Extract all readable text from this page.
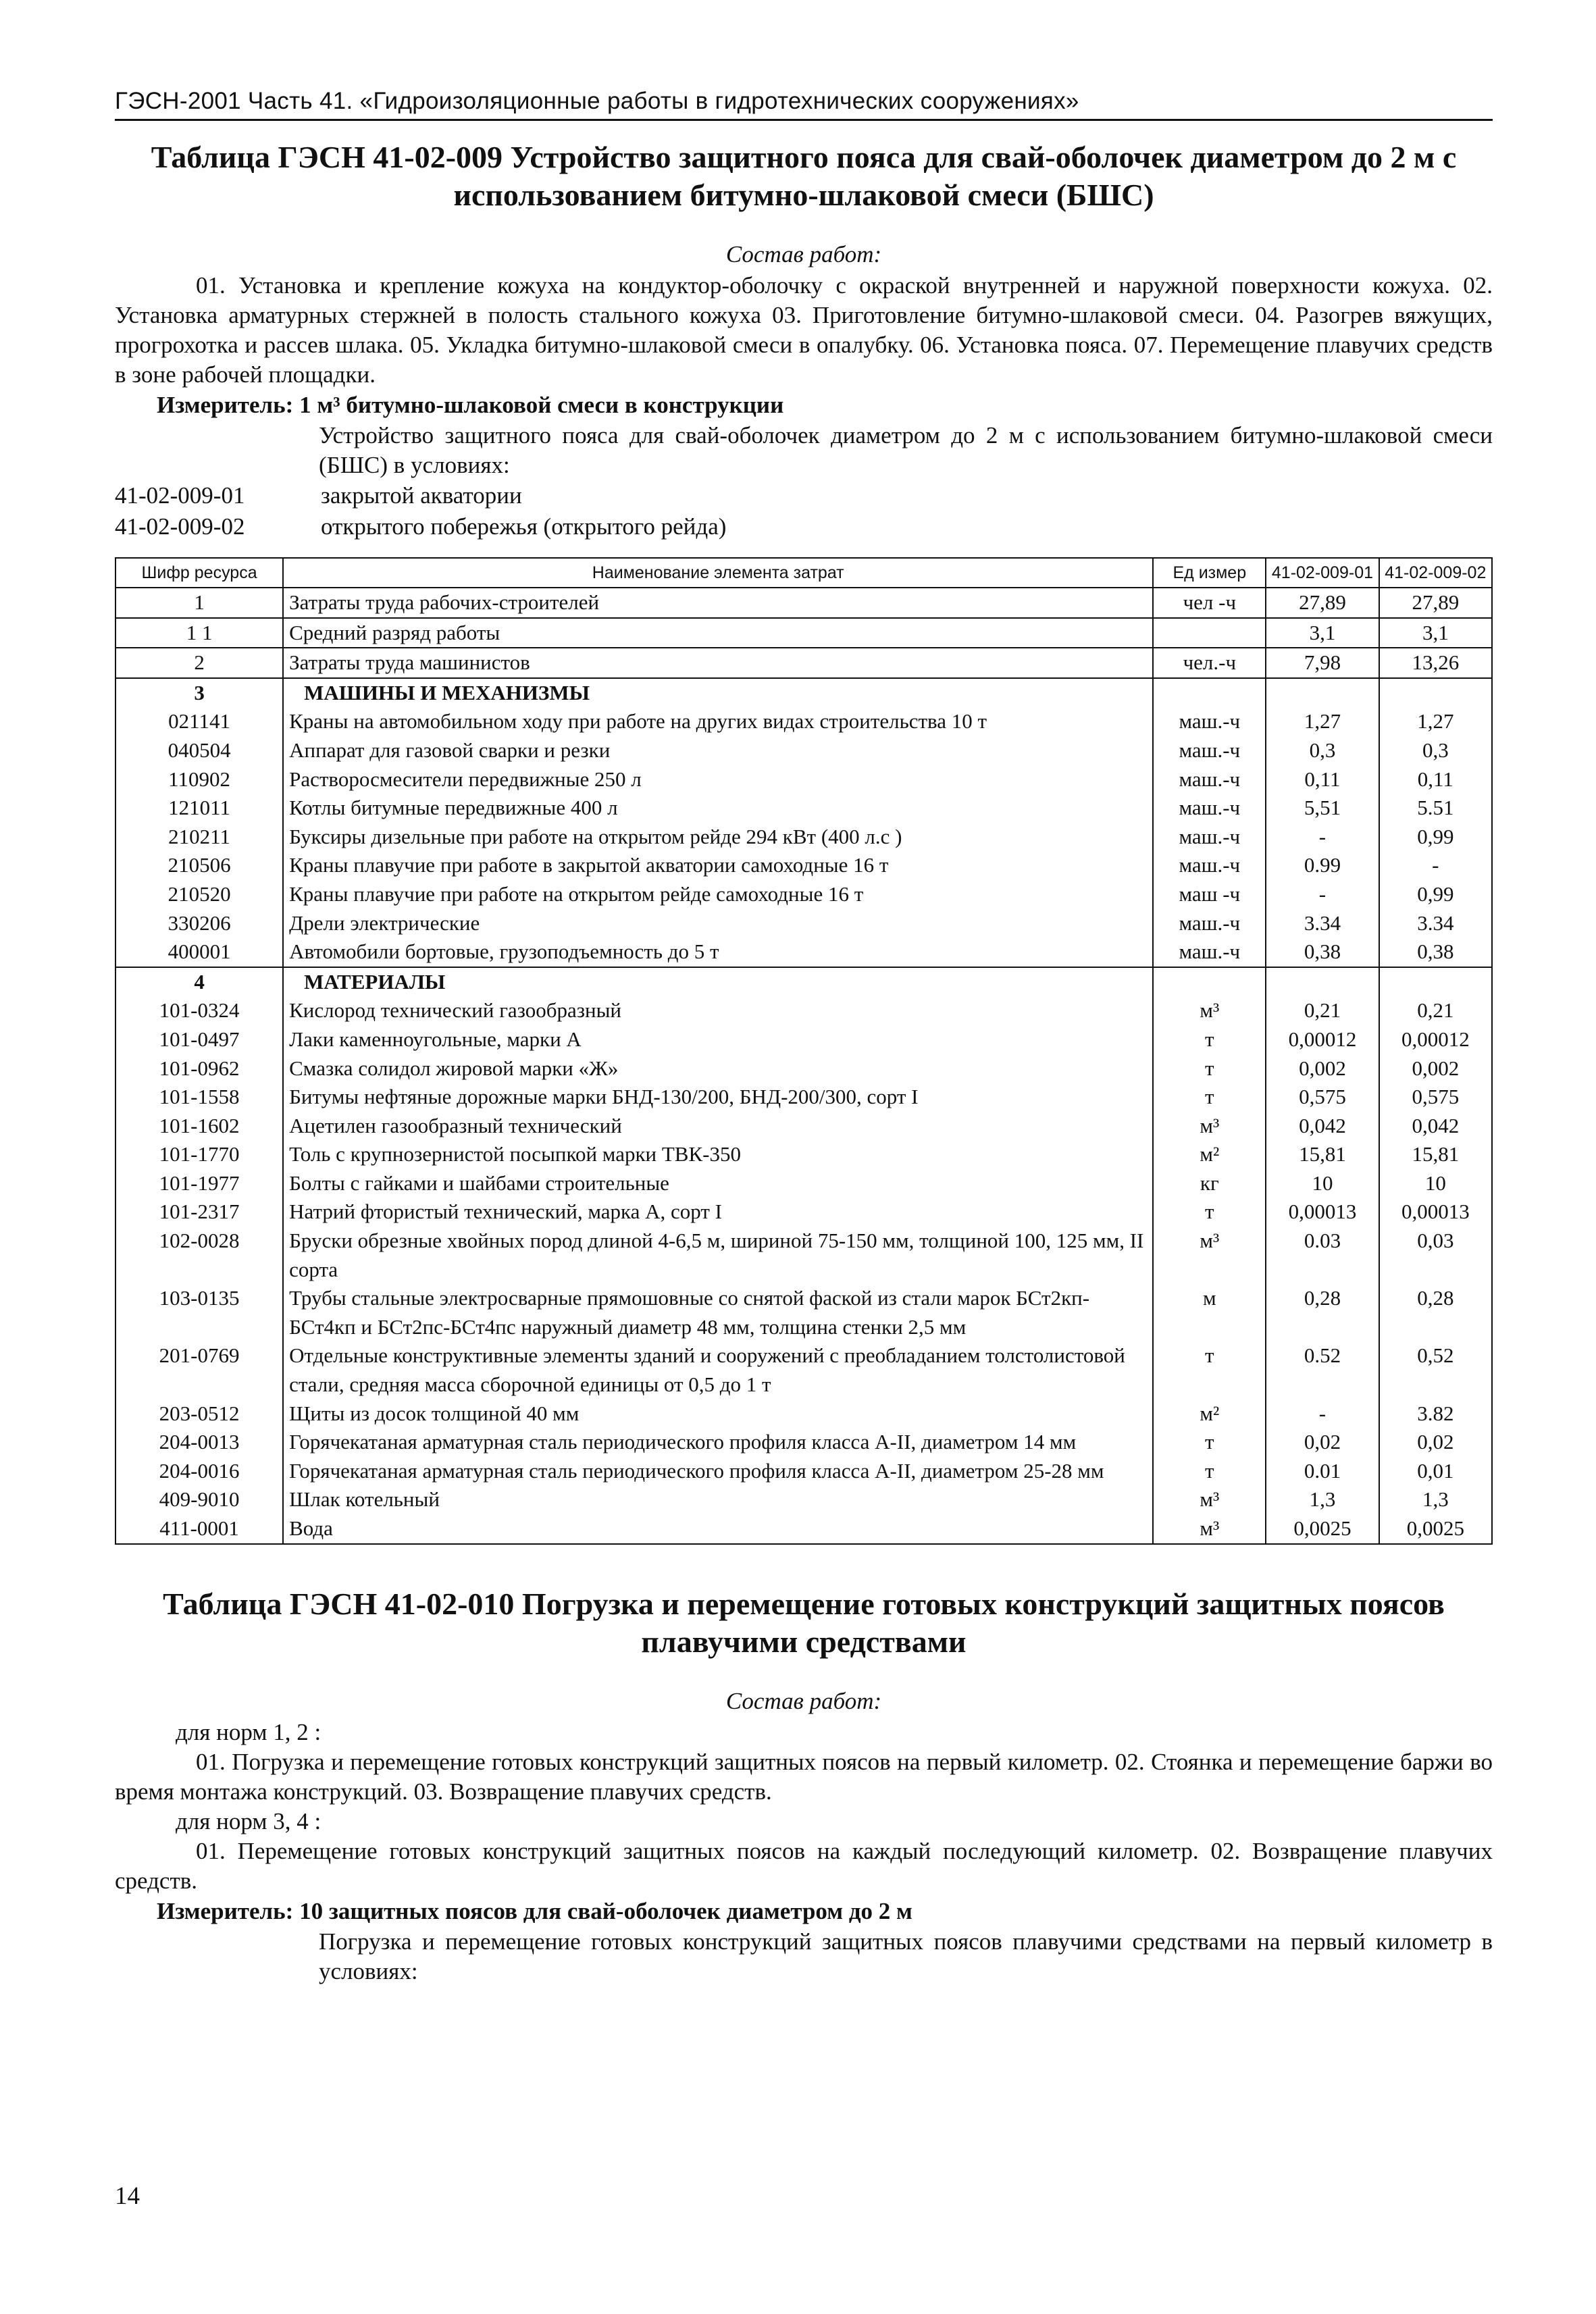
ГЭСН-2001 Часть 41. «Гидроизоляционные работы в гидротехнических сооружениях»
Таблица ГЭСН 41-02-009 Устройство защитного пояса для свай-оболочек диаметром до 2 м с использованием битумно-шлаковой смеси (БШС)
Состав работ:
01. Установка и крепление кожуха на кондуктор-оболочку с окраской внутренней и наружной поверхности кожуха. 02. Установка арматурных стержней в полость стального кожуха 03. Приготовление битумно-шлаковой смеси. 04. Разогрев вяжущих, прогрохотка и рассев шлака. 05. Укладка битумно-шлаковой смеси в опалубку. 06. Установка пояса. 07. Перемещение плавучих средств в зоне рабочей площадки.
Измеритель: 1 м³ битумно-шлаковой смеси в конструкции
Устройство защитного пояса для свай-оболочек диаметром до 2 м с использованием битумно-шлаковой смеси (БШС) в условиях:
41-02-009-01	закрытой акватории
41-02-009-02	открытого побережья (открытого рейда)
Шифр ресурса	Наименование элемента затрат	Ед измер	41-02-009-01	41-02-009-02
1	Затраты труда рабочих-строителей	чел -ч	27,89	27,89
1 1	Средний разряд работы		3,1	3,1
2	Затраты труда машинистов	чел.-ч	7,98	13,26
3	МАШИНЫ И МЕХАНИЗМЫ			
021141	Краны на автомобильном ходу при работе на других видах строительства 10 т	маш.-ч	1,27	1,27
040504	Аппарат для газовой сварки и резки	маш.-ч	0,3	0,3
110902	Растворосмесители передвижные 250 л	маш.-ч	0,11	0,11
121011	Котлы битумные передвижные 400 л	маш.-ч	5,51	5.51
210211	Буксиры дизельные при работе на открытом рейде 294 кВт (400 л.с )	маш.-ч	-	0,99
210506	Краны плавучие при работе в закрытой акватории самоходные 16 т	маш.-ч	0.99	-
210520	Краны плавучие при работе на открытом рейде самоходные 16 т	маш -ч	-	0,99
330206	Дрели электрические	маш.-ч	3.34	3.34
400001	Автомобили бортовые, грузоподъемность до 5 т	маш.-ч	0,38	0,38
4	МАТЕРИАЛЫ			
101-0324	Кислород технический газообразный	м³	0,21	0,21
101-0497	Лаки каменноугольные, марки А	т	0,00012	0,00012
101-0962	Смазка солидол жировой марки «Ж»	т	0,002	0,002
101-1558	Битумы нефтяные дорожные марки БНД-130/200, БНД-200/300, сорт I	т	0,575	0,575
101-1602	Ацетилен газообразный технический	м³	0,042	0,042
101-1770	Толь с крупнозернистой посыпкой марки ТВК-350	м²	15,81	15,81
101-1977	Болты с гайками и шайбами строительные	кг	10	10
101-2317	Натрий фтористый технический, марка А, сорт I	т	0,00013	0,00013
102-0028	Бруски обрезные хвойных пород длиной 4-6,5 м, шириной 75-150 мм, толщиной 100, 125 мм, II сорта	м³	0.03	0,03
103-0135	Трубы стальные электросварные прямошовные со снятой фаской из стали марок БСт2кп-БСт4кп и БСт2пс-БСт4пс наружный диаметр 48 мм, толщина стенки 2,5 мм	м	0,28	0,28
201-0769	Отдельные конструктивные элементы зданий и сооружений с преобладанием толстолистовой стали, средняя масса сборочной единицы от 0,5 до 1 т	т	0.52	0,52
203-0512	Щиты из досок толщиной 40 мм	м²	-	3.82
204-0013	Горячекатаная арматурная сталь периодического профиля класса А-II, диаметром 14 мм	т	0,02	0,02
204-0016	Горячекатаная арматурная сталь периодического профиля класса А-II, диаметром 25-28 мм	т	0.01	0,01
409-9010	Шлак котельный	м³	1,3	1,3
411-0001	Вода	м³	0,0025	0,0025
Таблица ГЭСН 41-02-010 Погрузка и перемещение готовых конструкций защитных поясов плавучими средствами
Состав работ:
для норм 1, 2 :
01. Погрузка и перемещение готовых конструкций защитных поясов на первый километр. 02. Стоянка и перемещение баржи во время монтажа конструкций. 03. Возвращение плавучих средств.
для норм 3, 4 :
01. Перемещение готовых конструкций защитных поясов на каждый последующий километр. 02. Возвращение плавучих средств.
Измеритель: 10 защитных поясов для свай-оболочек диаметром до 2 м
Погрузка и перемещение готовых конструкций защитных поясов плавучими средствами на первый километр в условиях:
14
